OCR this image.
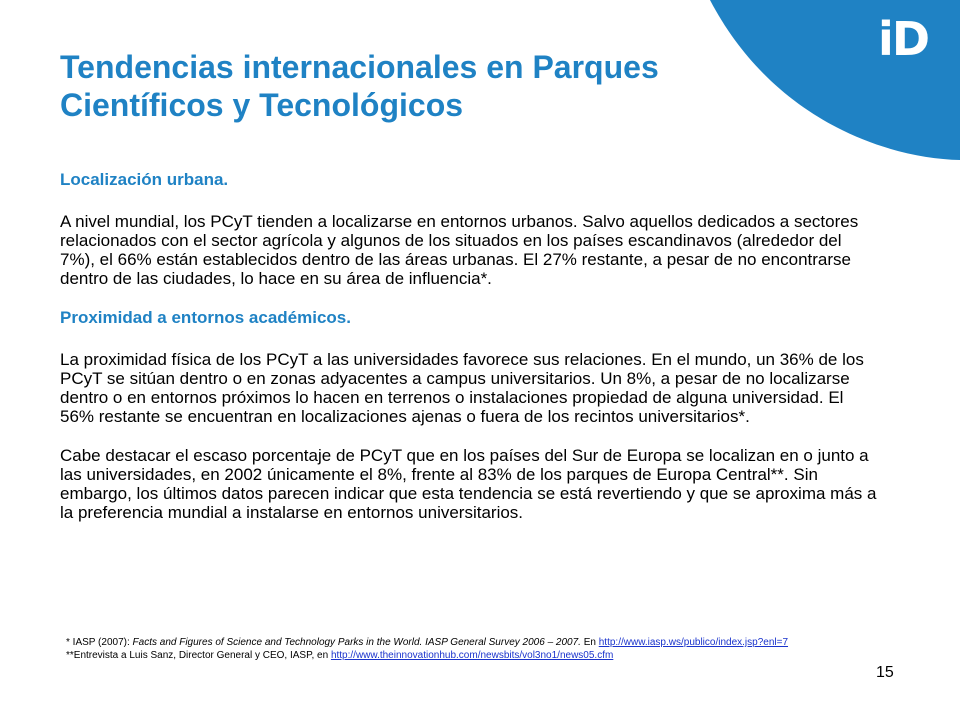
iD
Tendencias internacionales en Parques
Científicos y Tecnológicos

Localización urbana.

A nivel mundial, los PCyT tienden a localizarse en entornos urbanos. Salvo aquellos dedicados a sectores relacionados con el sector agrícola y algunos de los situados en los países escandinavos (alrededor del 7%), el 66% están establecidos dentro de las áreas urbanas. El 27% restante, a pesar de no encontrarse dentro de las ciudades, lo hace en su área de influencia*.

Proximidad a entornos académicos.

La proximidad física de los PCyT a las universidades favorece sus relaciones. En el mundo, un 36% de los PCyT se sitúan dentro o en zonas adyacentes a campus universitarios. Un 8%, a pesar de no localizarse dentro o en entornos próximos lo hacen en terrenos o instalaciones propiedad de alguna universidad. El 56% restante se encuentran en localizaciones ajenas o fuera de los recintos universitarios*.

Cabe destacar el escaso porcentaje de PCyT que en los países del Sur de Europa se localizan en o junto a las universidades, en 2002 únicamente el 8%, frente al 83% de los parques de Europa Central**. Sin embargo, los últimos datos parecen indicar que esta tendencia se está revertiendo y que se aproxima más a la preferencia mundial a instalarse en entornos universitarios.

* IASP (2007): Facts and Figures of Science and Technology Parks in the World. IASP General Survey 2006 – 2007. En http://www.iasp.ws/publico/index.jsp?enl=7
**Entrevista a Luis Sanz, Director General y CEO, IASP, en http://www.theinnovationhub.com/newsbits/vol3no1/news05.cfm
15
